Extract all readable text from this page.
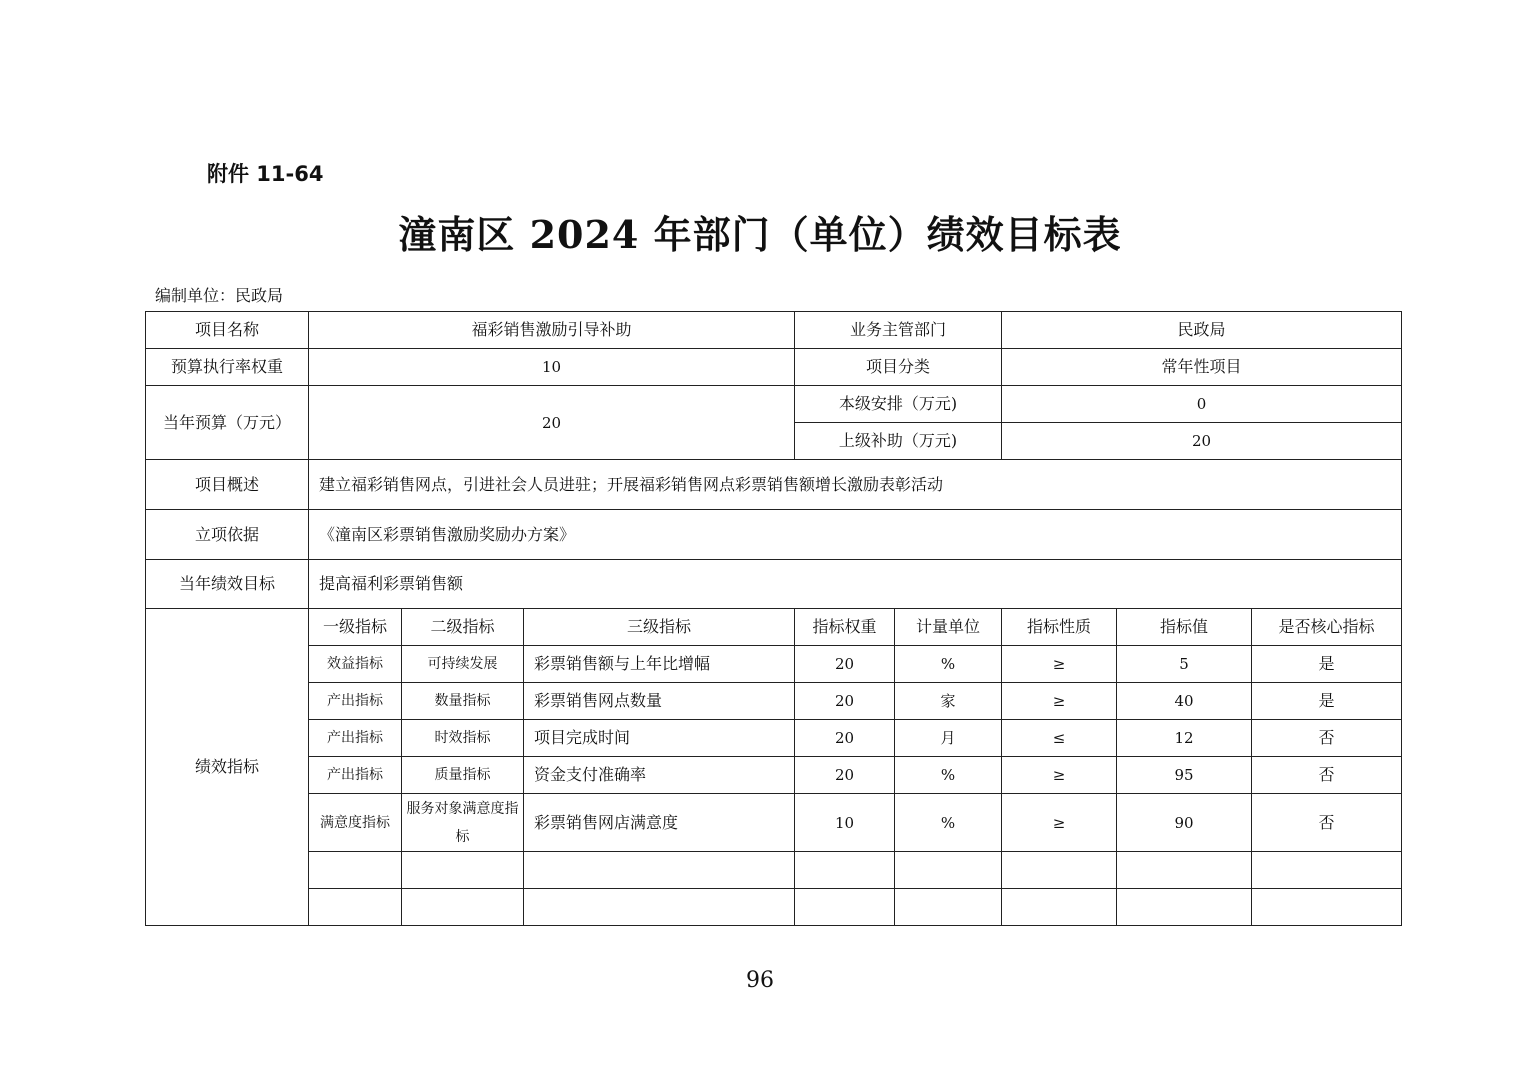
附件 11-64
潼南区 2024 年部门（单位）绩效目标表
编制单位：民政局
项目名称	福彩销售激励引导补助			业务主管部门		民政局		
预算执行率权重	10			项目分类		常年性项目		
当年预算（万元）	20			本级安排（万元)		0		
				上级补助（万元)		20		
项目概述	建立福彩销售网点，引进社会人员进驻；开展福彩销售网点彩票销售额增长激励表彰活动							
立项依据	《潼南区彩票销售激励奖励办方案》							
当年绩效目标	提高福利彩票销售额							
绩效指标	一级指标	二级指标	三级指标	指标权重	计量单位	指标性质	指标值	是否核心指标
	效益指标	可持续发展	彩票销售额与上年比增幅	20	%	≥	5	是
	产出指标	数量指标	彩票销售网点数量	20	家	≥	40	是
	产出指标	时效指标	项目完成时间	20	月	≤	12	否
	产出指标	质量指标	资金支付准确率	20	%	≥	95	否
	满意度指标	服务对象满意度指标	彩票销售网店满意度	10	%	≥	90	否

96
